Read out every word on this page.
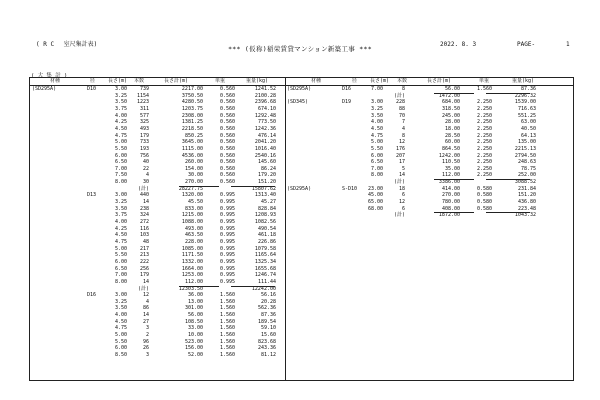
( R C 　室尺集計表)	2022. 8. 3	PAGE-	1
*** (仮称)稲荣賃貸マンション新築工事 ***
( 大 集 計 )
材種	径	長さ(m) 本数	長さ計(m)	単重	重量(kg)	材種	径	長さ(m) 本数	長さ計(m)	単重	重量(kg)
(SD295A)	D10	3.00	739	2217.00	0.560	1241.52
3.25	1154	3750.50	0.560	2100.28
3.50	1223	4280.50	0.560	2396.68
3.75	311	1203.75	0.560	674.10
4.00	577	2308.00	0.560	1292.48
4.25	325	1381.25	0.560	773.50
4.50	493	2218.50	0.560	1242.36
4.75	179	850.25	0.560	476.14
5.00	733	3645.00	0.560	2041.20
5.50	193	1115.00	0.560	1016.40
6.00	756	4536.00	0.560	2540.16
6.50	40	260.00	0.560	145.60
7.00	22	154.00	0.560	86.24
7.50	4	30.00	0.560	179.20
8.00	30	270.00	0.560	151.20
(計)	28227.75	15807.62
D13	3.00	440	1320.00	0.995	1313.40
3.25	14	45.50	0.995	45.27
3.50	238	833.00	0.995	828.84
3.75	324	1215.00	0.995	1208.93
4.00	272	1088.00	0.995	1082.56
4.25	116	493.00	0.995	490.54
4.50	103	463.50	0.995	461.18
4.75	48	228.00	0.995	226.86
5.00	217	1085.00	0.995	1079.58
5.50	213	1171.50	0.995	1165.64
6.00	222	1332.00	0.995	1325.34
6.50	256	1664.00	0.995	1655.68
7.00	179	1253.00	0.995	1246.74
8.00	14	112.00	0.995	111.44
(計)	12303.50	12242.00
D16	3.00	12	36.00	1.560	56.16
3.25	4	13.00	1.560	20.28
3.50	86	301.00	1.560	562.36
4.00	14	56.00	1.560	87.36
4.50	27	108.50	1.560	189.54
4.75	3	33.00	1.560	59.10
5.00	2	10.00	1.560	15.60
5.50	96	523.00	1.560	823.68
6.00	26	156.00	1.560	243.36
8.50	3	52.00	1.560	81.12
(SD295A)	D16	7.00	8	56.00	1.560	87.36
(計)	1472.00	2296.32
(SD345)	D19	3.00	228	684.00	2.250	1539.00
3.25	88	318.50	2.250	716.63
3.50	70	245.00	2.250	551.25
4.00	7	28.00	2.250	63.00
4.50	4	18.00	2.250	40.50
4.75	8	28.50	2.250	64.13
5.00	12	60.00	2.250	135.00
5.50	176	864.50	2.250	2215.13
6.00	207	1242.00	2.250	2794.50
6.50	17	110.50	2.250	248.63
7.00	5	35.00	2.250	78.75
8.00	14	112.00	2.250	252.00
(計)	3386.00	3088.52
(SD295A)	S-D10	23.00	18	414.00	0.580	231.84
45.00	6	270.00	0.580	151.20
65.00	12	780.00	0.580	436.80
68.00	6	408.00	0.580	223.48
(計)	1872.00	1043.32
